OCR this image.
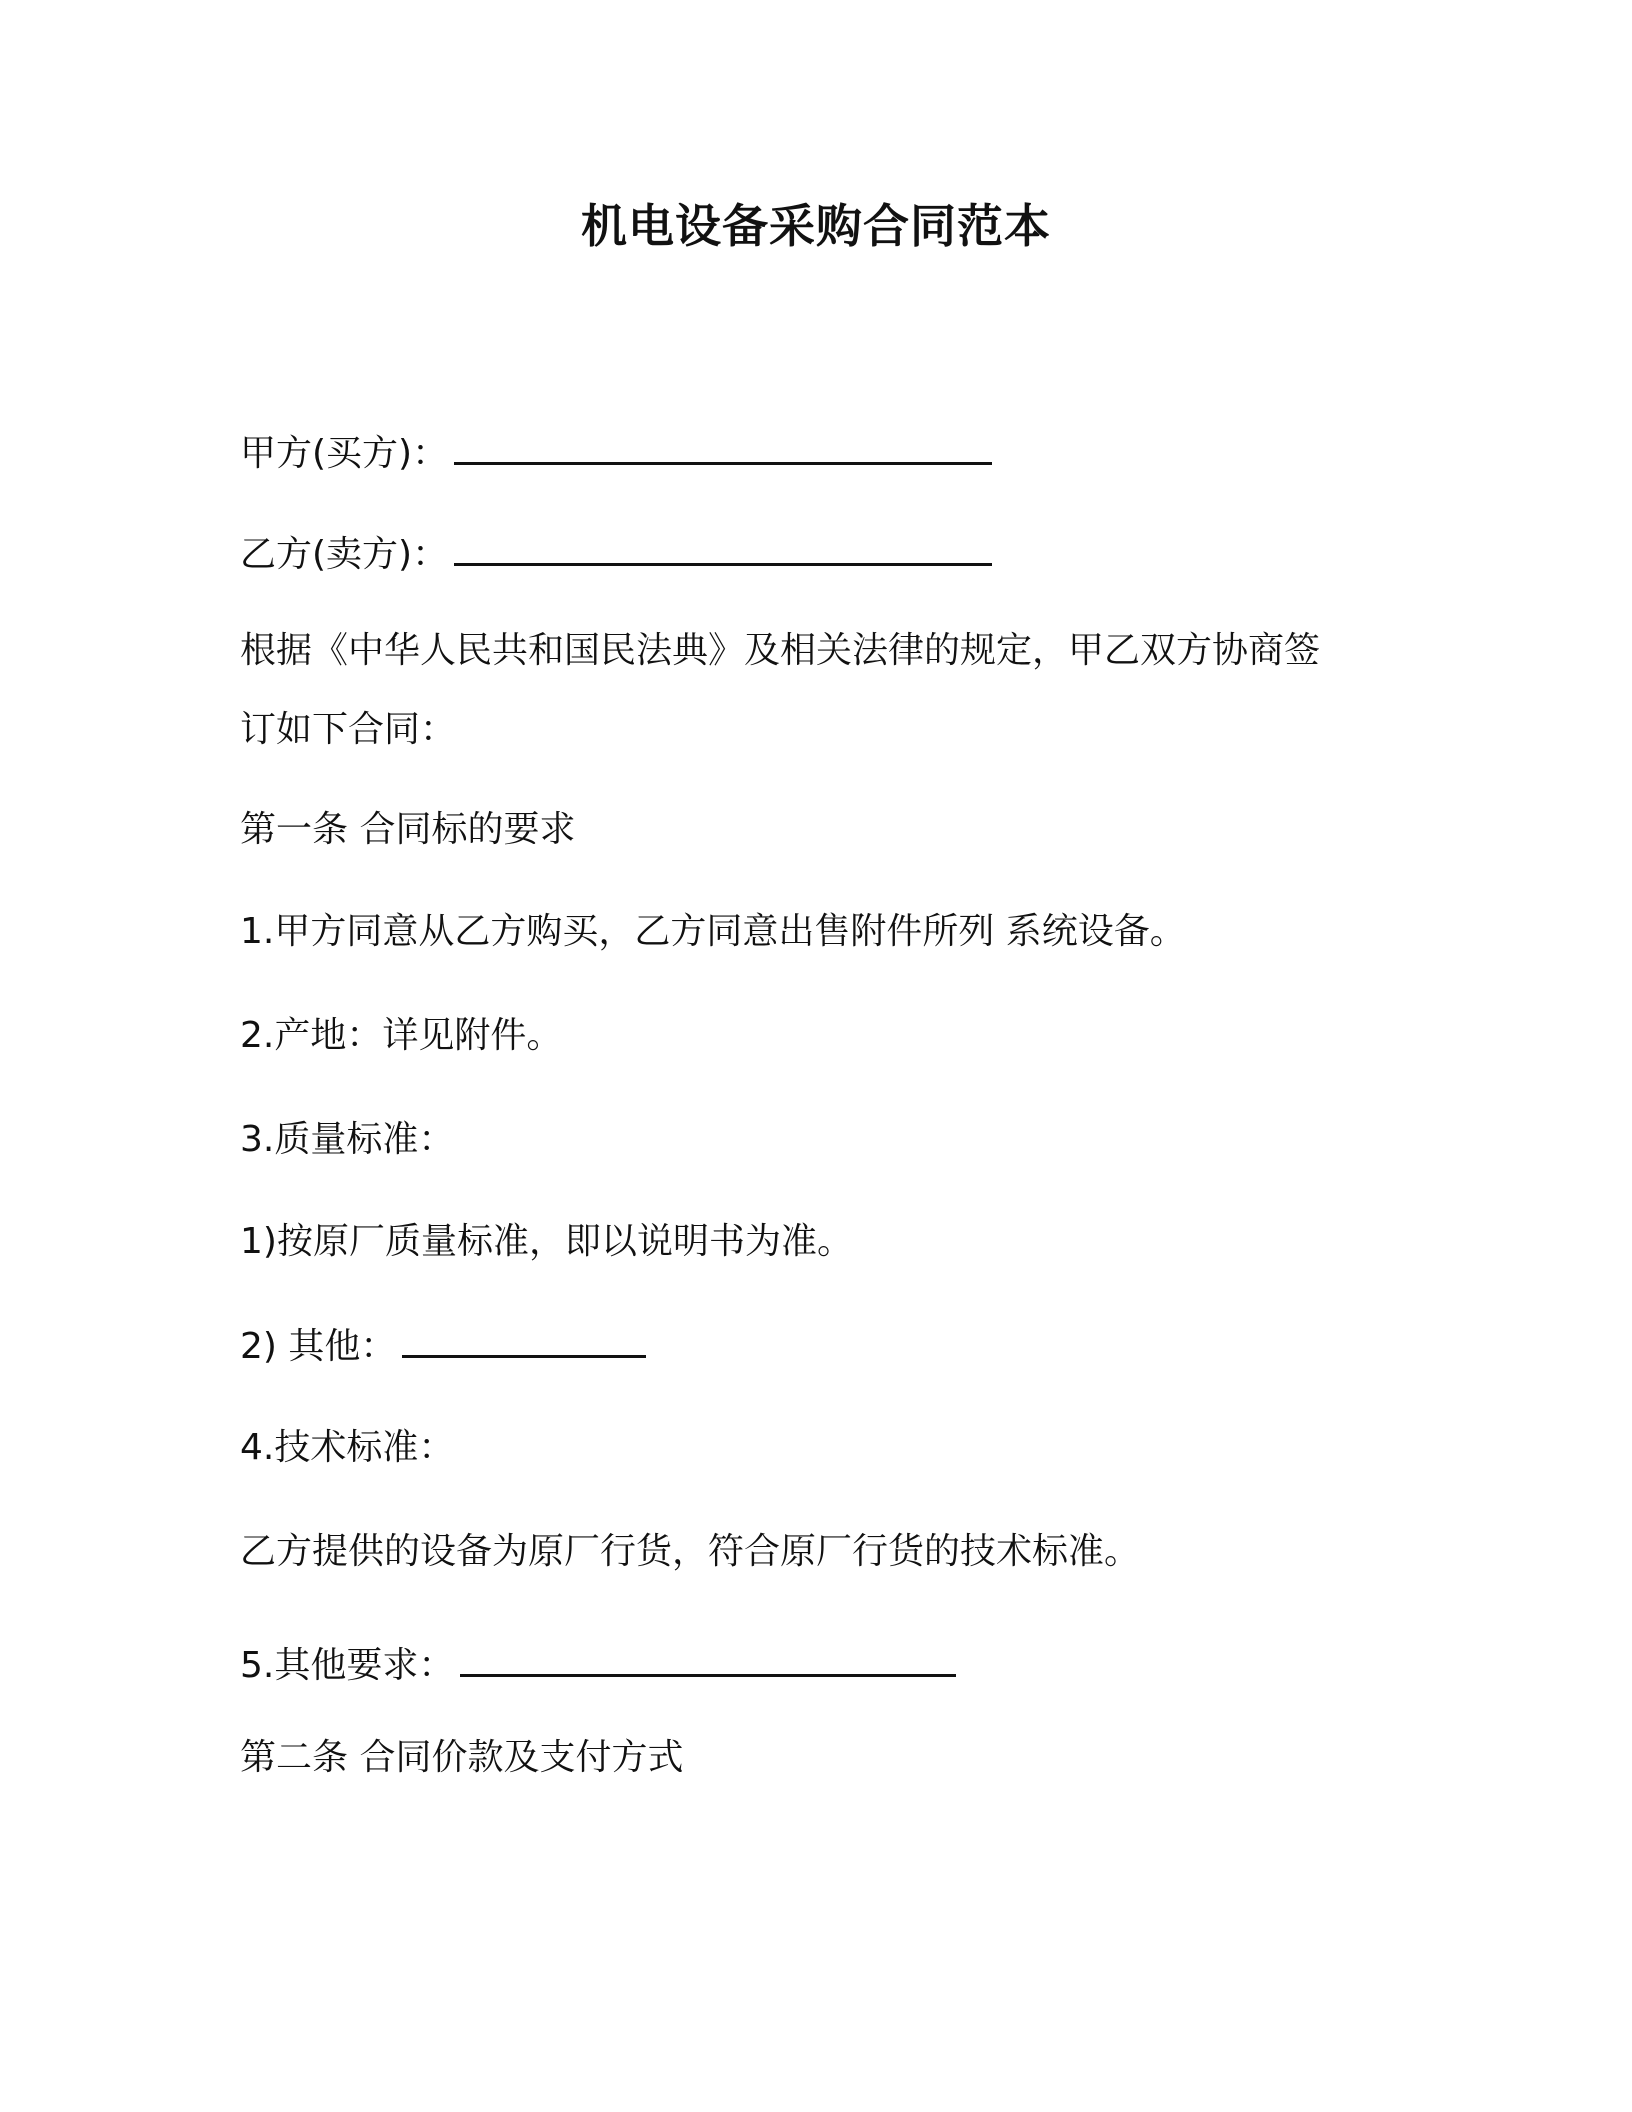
机电设备采购合同范本
甲方(买方)：
乙方(卖方)：
根据《中华人民共和国民法典》及相关法律的规定，甲乙双方协商签
订如下合同：
第一条 合同标的要求
1.甲方同意从乙方购买，乙方同意出售附件所列 系统设备。
2.产地：详见附件。
3.质量标准：
1)按原厂质量标准，即以说明书为准。
2) 其他：
4.技术标准：
乙方提供的设备为原厂行货，符合原厂行货的技术标准。
5.其他要求：
第二条 合同价款及支付方式
